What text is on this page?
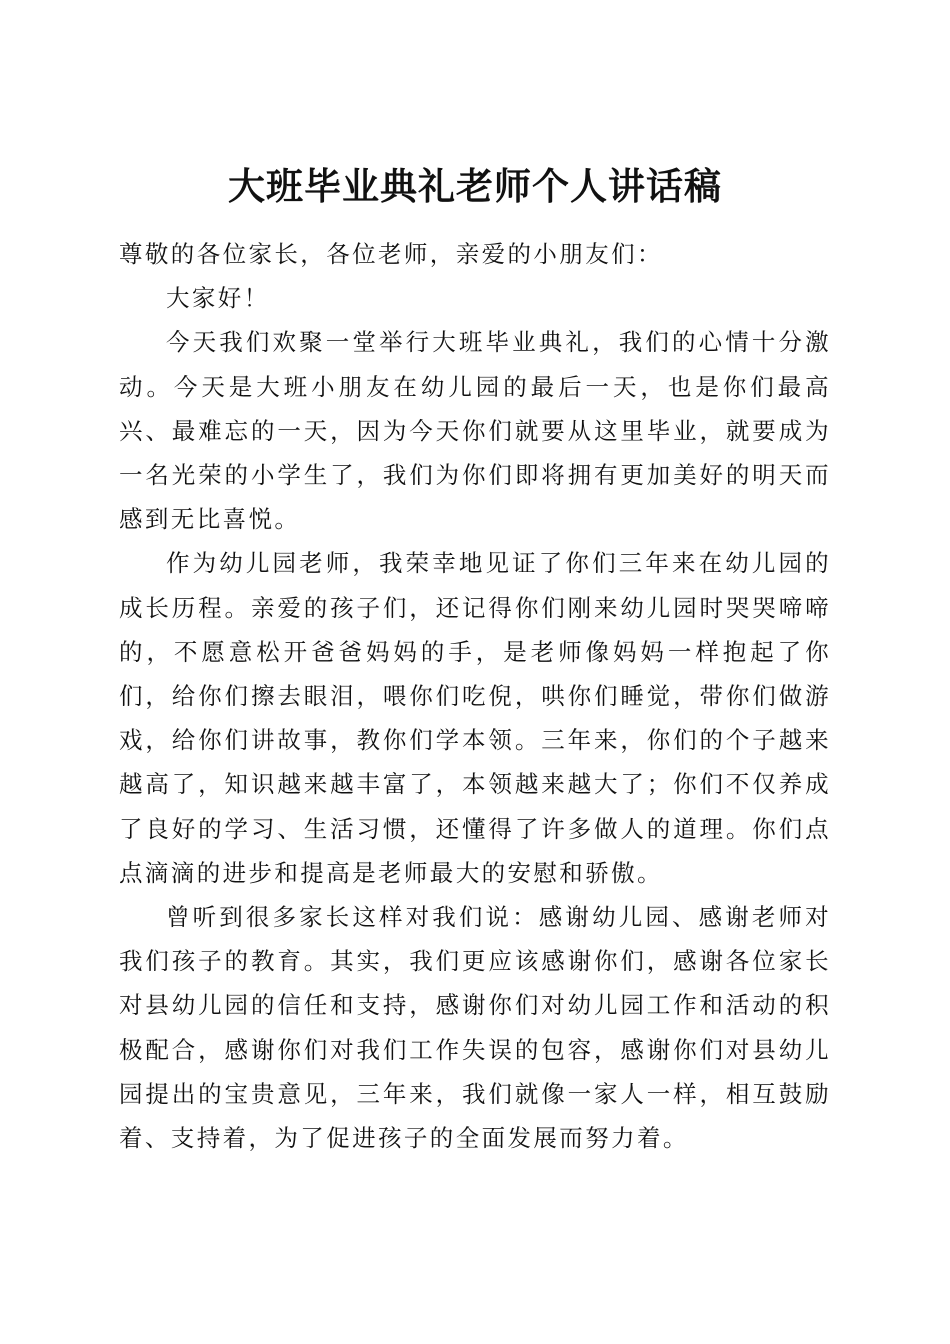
大班毕业典礼老师个人讲话稿

尊敬的各位家长，各位老师，亲爱的小朋友们：

大家好！

今天我们欢聚一堂举行大班毕业典礼，我们的心情十分激动。今天是大班小朋友在幼儿园的最后一天，也是你们最高兴、最难忘的一天，因为今天你们就要从这里毕业，就要成为一名光荣的小学生了，我们为你们即将拥有更加美好的明天而感到无比喜悦。

作为幼儿园老师，我荣幸地见证了你们三年来在幼儿园的成长历程。亲爱的孩子们，还记得你们刚来幼儿园时哭哭啼啼的，不愿意松开爸爸妈妈的手，是老师像妈妈一样抱起了你们，给你们擦去眼泪，喂你们吃倪，哄你们睡觉，带你们做游戏，给你们讲故事，教你们学本领。三年来，你们的个子越来越高了，知识越来越丰富了，本领越来越大了；你们不仅养成了良好的学习、生活习惯，还懂得了许多做人的道理。你们点点滴滴的进步和提高是老师最大的安慰和骄傲。

曾听到很多家长这样对我们说：感谢幼儿园、感谢老师对我们孩子的教育。其实，我们更应该感谢你们，感谢各位家长对县幼儿园的信任和支持，感谢你们对幼儿园工作和活动的积极配合，感谢你们对我们工作失误的包容，感谢你们对县幼儿园提出的宝贵意见，三年来，我们就像一家人一样，相互鼓励着、支持着，为了促进孩子的全面发展而努力着。
